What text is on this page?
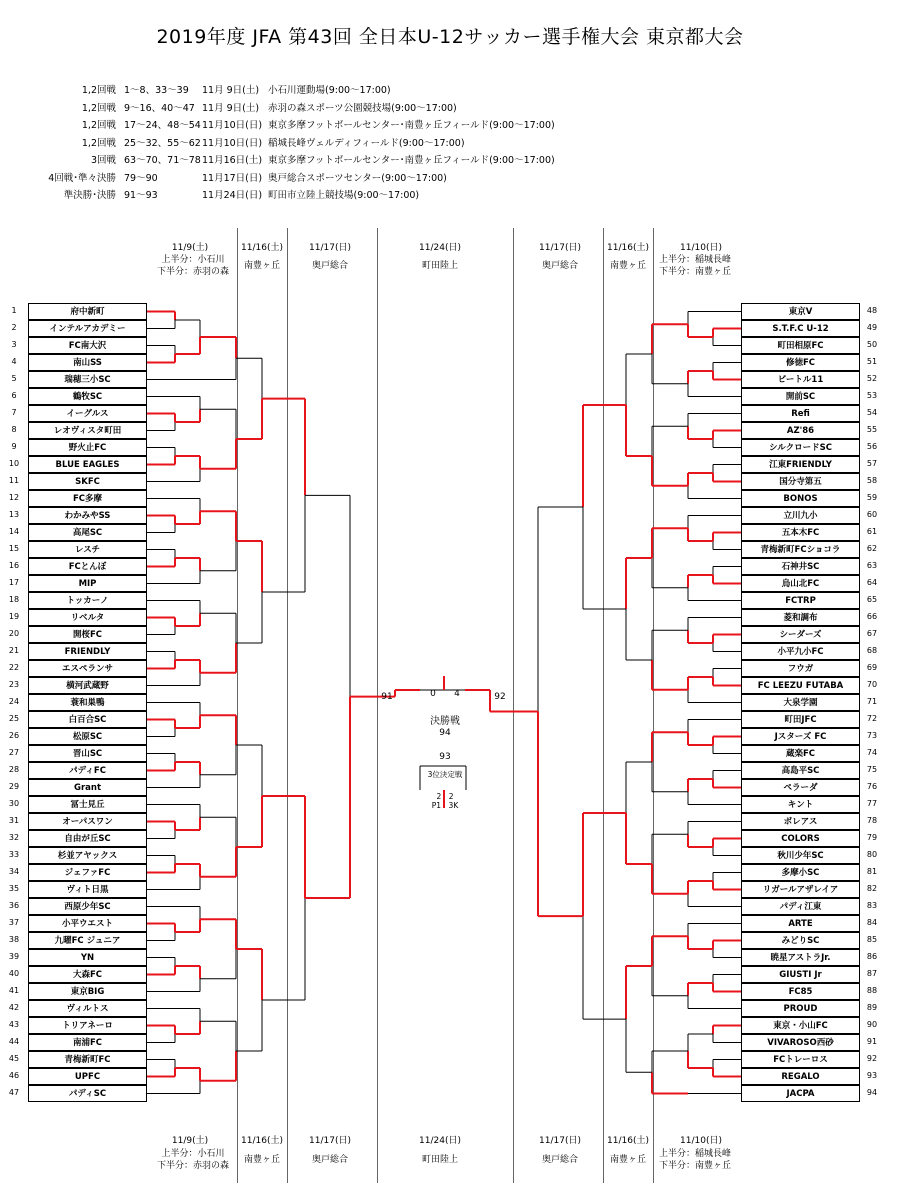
2019年度 JFA 第43回 全日本U-12サッカー選手権大会 東京都大会
1,2回戦 1～8、33～39 11月 9日(土) 小石川運動場(9:00～17:00)
1,2回戦 9～16、40～47 11月 9日(土) 赤羽の森スポーツ公園競技場(9:00～17:00)
1,2回戦 17～24、48～54 11月10日(日) 東京多摩フットボールセンター･南豊ヶ丘フィールド(9:00～17:00)
1,2回戦 25～32、55～62 11月10日(日) 稲城長峰ヴェルディフィールド(9:00～17:00)
3回戦 63～70、71～78 11月16日(土) 東京多摩フットボールセンター･南豊ヶ丘フィールド(9:00～17:00)
4回戦･準々決勝 79～90	11月17日(日) 奥戸総合スポーツセンター(9:00～17:00)
準決勝･決勝 91～93	11月24日(日) 町田市立陸上競技場(9:00～17:00)
11/9(土)
上半分：小石川
下半分：赤羽の森
11/16(土)
南豊ヶ丘
11/17(日)
奥戸総合
11/24(日)
町田陸上
11/17(日)
奥戸総合
11/16(土)
南豊ヶ丘
11/10(日)
上半分：稲城長峰
下半分：南豊ヶ丘
11/9(土)
上半分：小石川
下半分：赤羽の森
11/16(土)
南豊ヶ丘
11/17(日)
奥戸総合
11/24(日)
町田陸上
11/17(日)
奥戸総合
11/16(土)
南豊ヶ丘
11/10(日)
上半分：稲城長峰
下半分：南豊ヶ丘
府中新町
1
インテルアカデミー
2
FC南大沢
3
南山SS
4
瑞穂三小SC
5
鶴牧SC
6
イーグルス
7
レオヴィスタ町田
8
野火止FC
9
BLUE EAGLES
10
SKFC
11
FC多摩
12
わかみやSS
13
高尾SC
14
レスチ
15
FCとんぼ
16
MIP
17
トッカーノ
18
リベルタ
19
開桜FC
20
FRIENDLY
21
エスペランサ
22
横河武蔵野
23
蓑和巣鴨
24
白百合SC
25
松原SC
26
晋山SC
27
パディFC
28
Grant
29
冨士見丘
30
オーパスワン
31
自由が丘SC
32
杉並アヤックス
33
ジェファFC
34
ヴィト日黒
35
西原少年SC
36
小平ウエスト
37
九曜FC ジュニア
38
YN
39
大森FC
40
東京BIG
41
ヴィルトス
42
トリアネーロ
43
南浦FC
44
青梅新町FC
45
UPFC
46
パディSC
47
東京V	48
S.T.F.C U-12	49
町田相原FC	50
修徳FC	51
ビートル11	52
開前SC	53
Refi	54
AZ'86	55
シルクロードSC	56
江東FRIENDLY	57
国分寺第五	58
BONOS	59
立川九小	60
五本木FC	61
青梅新町FCショコラ	62
石神井SC	63
烏山北FC	64
FCTRP	65
菱和調布	66
シーダーズ	67
小平九小FC	68
フウガ	69
FC LEEZU FUTABA	70
大泉学園	71
町田JFC	72
Jスターズ FC	73
蔵楽FC	74
高島平SC	75
ペラーダ	76
キント	77
ボレアス	78
COLORS	79
秋川少年SC	80
多摩小SC	81
リガールアザレイア	82
パディ江東	83
ARTE	84
みどりSC	85
暁星アストラJr.	86
GIUSTI Jr	87
FC85	88
PROUD	89
東京・小山FC	90
VIVAROSO西砂	91
FCトレーロス	92
REGALO	93
JACPA	94
91	92
0 4
決勝戦
94
93
3位決定戦
2　2
P1　3K
